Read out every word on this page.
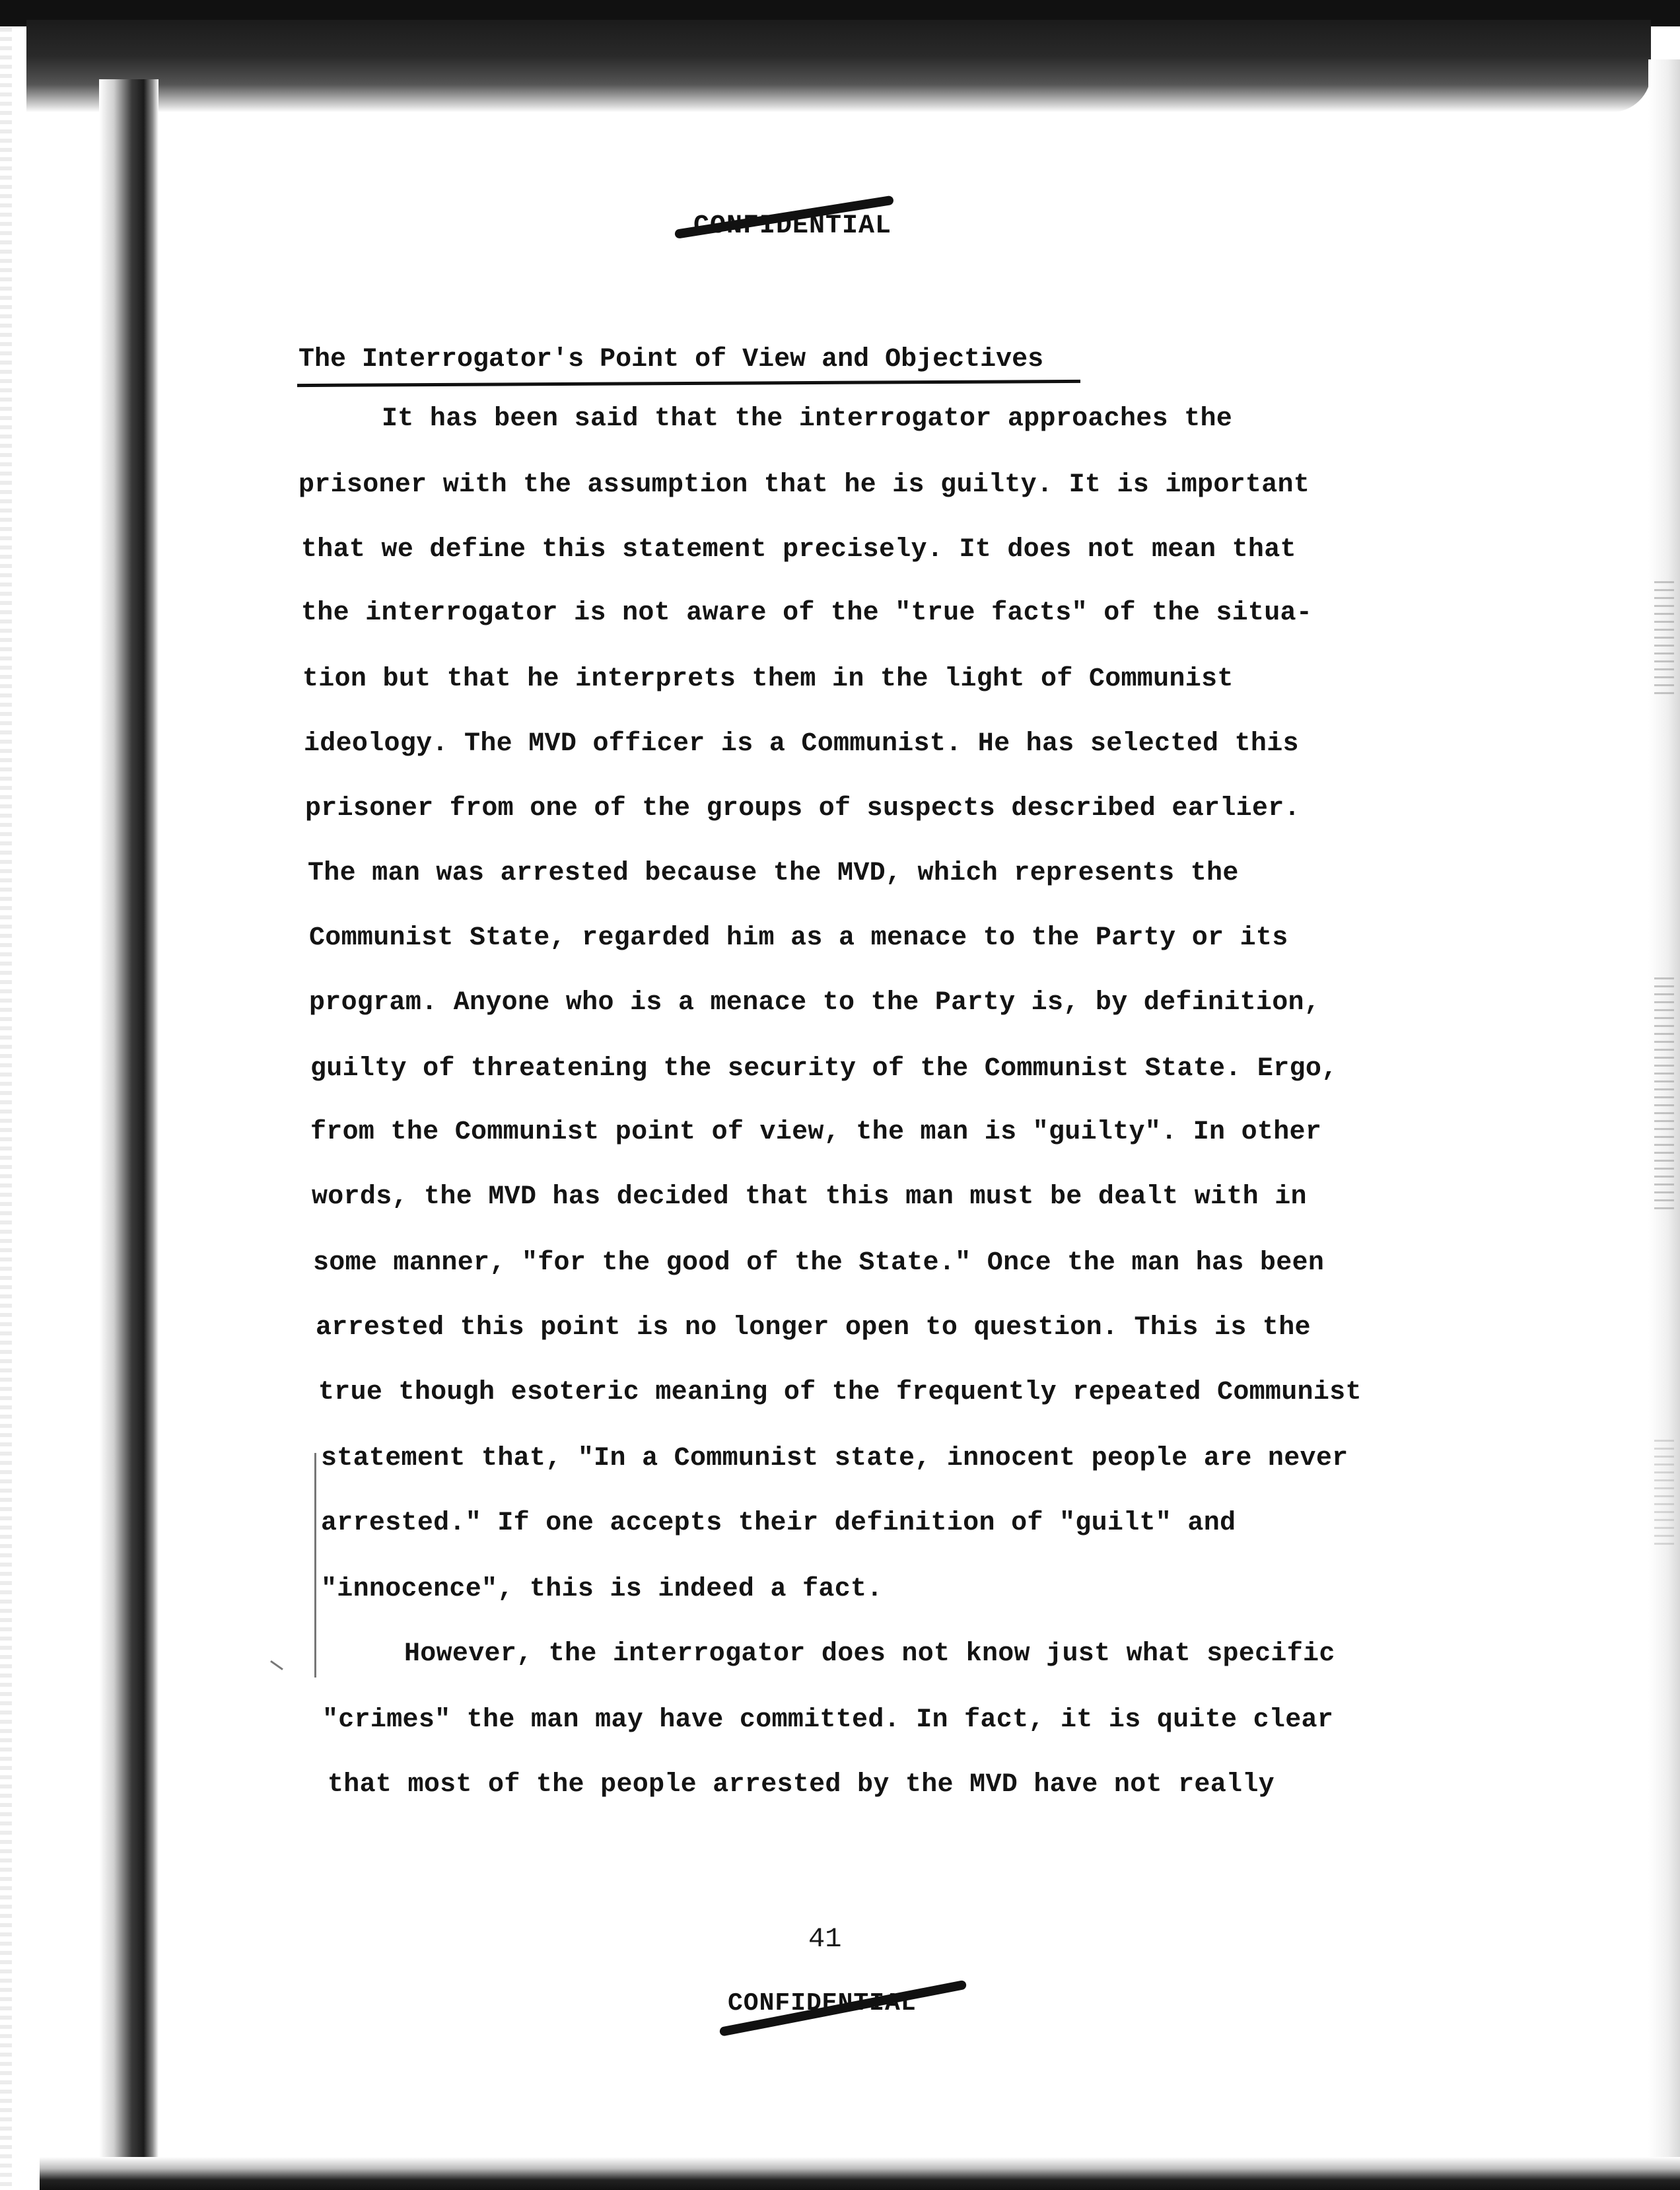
CONFIDENTIAL
The Interrogator's Point of View and Objectives
It has been said that the interrogator approaches the
prisoner with the assumption that he is guilty. It is important
that we define this statement precisely. It does not mean that
the interrogator is not aware of the "true facts" of the situa-
tion but that he interprets them in the light of Communist
ideology. The MVD officer is a Communist. He has selected this
prisoner from one of the groups of suspects described earlier.
The man was arrested because the MVD, which represents the
Communist State, regarded him as a menace to the Party or its
program. Anyone who is a menace to the Party is, by definition,
guilty of threatening the security of the Communist State. Ergo,
from the Communist point of view, the man is "guilty". In other
words, the MVD has decided that this man must be dealt with in
some manner, "for the good of the State." Once the man has been
arrested this point is no longer open to question. This is the
true though esoteric meaning of the frequently repeated Communist
statement that, "In a Communist state, innocent people are never
arrested." If one accepts their definition of "guilt" and
"innocence", this is indeed a fact.
However, the interrogator does not know just what specific
"crimes" the man may have committed. In fact, it is quite clear
that most of the people arrested by the MVD have not really
41
CONFIDENTIAL
